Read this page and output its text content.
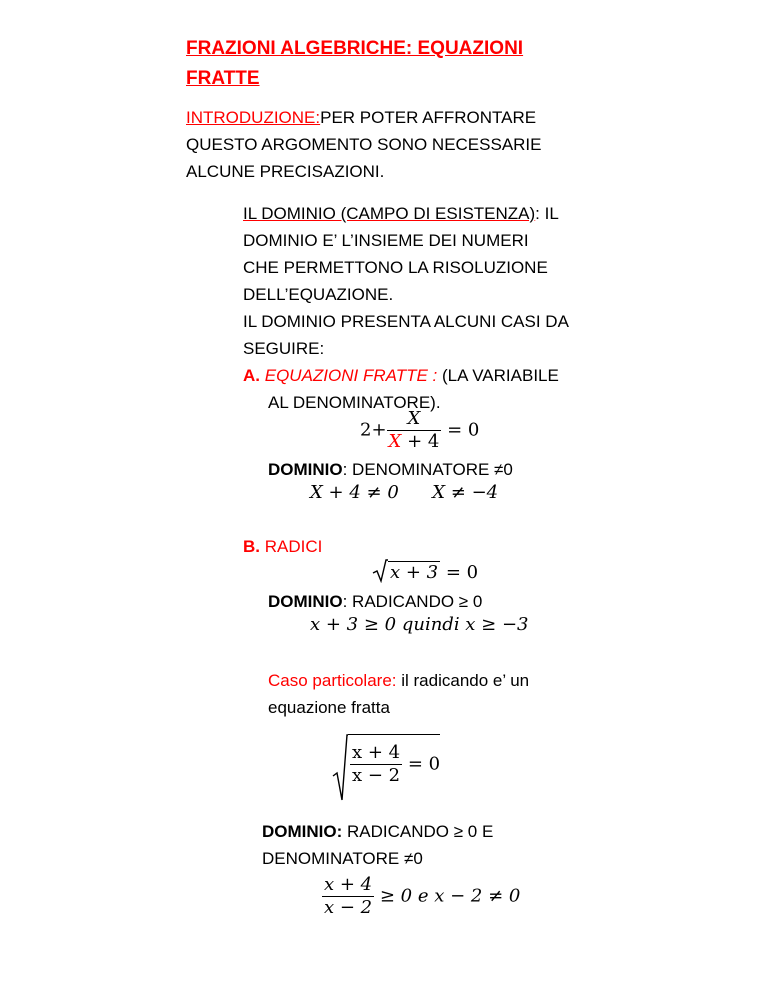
FRAZIONI ALGEBRICHE: EQUAZIONI
FRATTE
INTRODUZIONE:PER POTER AFFRONTARE
QUESTO ARGOMENTO SONO NECESSARIE
ALCUNE PRECISAZIONI.
IL DOMINIO (CAMPO DI ESISTENZA): IL
DOMINIO E’ L’INSIEME DEI NUMERI
CHE PERMETTONO LA RISOLUZIONE
DELL’EQUAZIONE.
IL DOMINIO PRESENTA ALCUNI CASI DA
SEGUIRE:
A. EQUAZIONI FRATTE : (LA VARIABILE
AL DENOMINATORE).
$2+ \frac{X}{X + 4} = 0$
DOMINIO: DENOMINATORE ≠0
X + 4 ≠ 0 X ≠ −4
B. RADICI
x + 3 = 0
DOMINIO: RADICANDO ≥ 0
x + 3 ≥ 0 quindi x ≥ −3
Caso particolare: il radicando e’ un
equazione fratta
$\frac{x + 4}{x - 2} = 0$
DOMINIO: RADICANDO ≥ 0 E
DENOMINATORE ≠0
$\frac{x + 4}{x - 2} \ge 0$ e x − 2 ≠ 0
